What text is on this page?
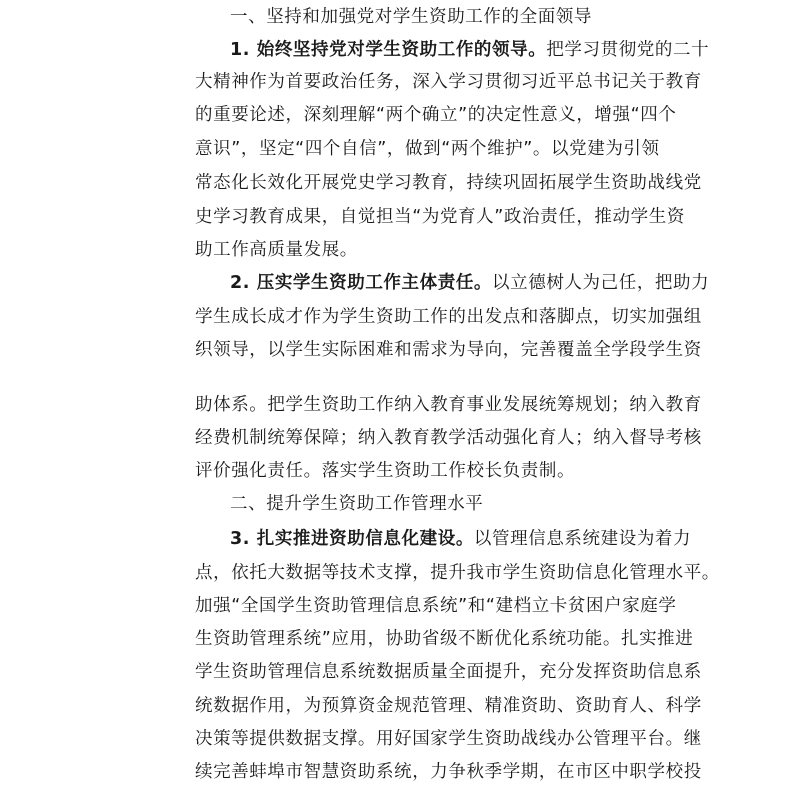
一、坚持和加强党对学生资助工作的全面领导
1. 始终坚持党对学生资助工作的领导。把学习贯彻党的二十
大精神作为首要政治任务，深入学习贯彻习近平总书记关于教育
的重要论述，深刻理解“两个确立”的决定性意义，增强“四个
意识”，坚定“四个自信”，做到“两个维护”。以党建为引领
常态化长效化开展党史学习教育，持续巩固拓展学生资助战线党
史学习教育成果，自觉担当“为党育人”政治责任，推动学生资
助工作高质量发展。
2. 压实学生资助工作主体责任。以立德树人为己任，把助力
学生成长成才作为学生资助工作的出发点和落脚点，切实加强组
织领导，以学生实际困难和需求为导向，完善覆盖全学段学生资
助体系。把学生资助工作纳入教育事业发展统筹规划；纳入教育
经费机制统筹保障；纳入教育教学活动强化育人；纳入督导考核
评价强化责任。落实学生资助工作校长负责制。
二、提升学生资助工作管理水平
3. 扎实推进资助信息化建设。以管理信息系统建设为着力
点，依托大数据等技术支撑，提升我市学生资助信息化管理水平。
加强“全国学生资助管理信息系统”和“建档立卡贫困户家庭学
生资助管理系统”应用，协助省级不断优化系统功能。扎实推进
学生资助管理信息系统数据质量全面提升，充分发挥资助信息系
统数据作用，为预算资金规范管理、精准资助、资助育人、科学
决策等提供数据支撑。用好国家学生资助战线办公管理平台。继
续完善蚌埠市智慧资助系统，力争秋季学期，在市区中职学校投
